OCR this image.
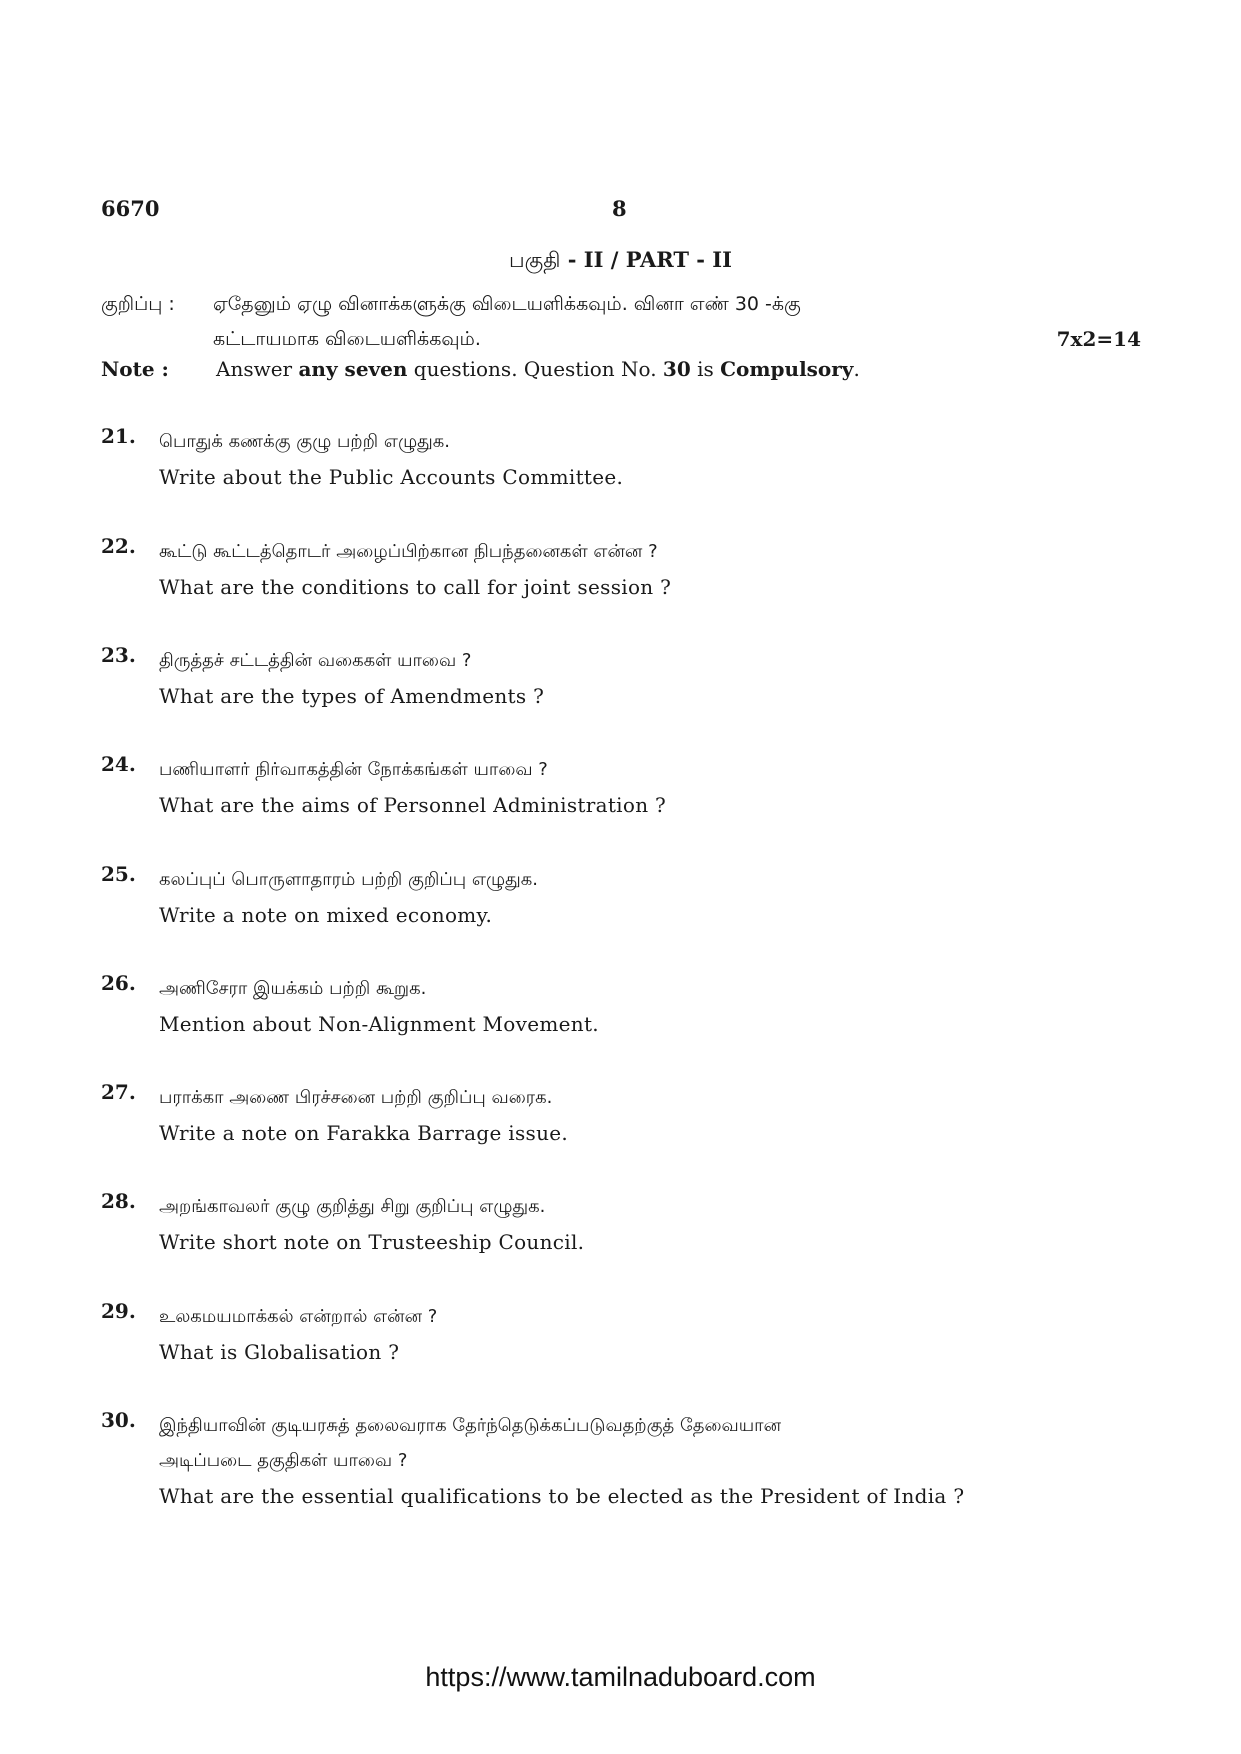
6670	8
பகுதி - II / PART - II
குறிப்பு : ஏதேனும் ஏழு வினாக்களுக்கு விடையளிக்கவும். வினா எண் 30 -க்கு
கட்டாயமாக விடையளிக்கவும்.	7x2=14
Note : Answer any seven questions. Question No. 30 is Compulsory.
21. பொதுக் கணக்கு குழு பற்றி எழுதுக.
Write about the Public Accounts Committee.
22. கூட்டு கூட்டத்தொடர் அழைப்பிற்கான நிபந்தனைகள் என்ன ?
What are the conditions to call for joint session ?
23. திருத்தச் சட்டத்தின் வகைகள் யாவை ?
What are the types of Amendments ?
24. பணியாளர் நிர்வாகத்தின் நோக்கங்கள் யாவை ?
What are the aims of Personnel Administration ?
25. கலப்புப் பொருளாதாரம் பற்றி குறிப்பு எழுதுக.
Write a note on mixed economy.
26. அணிசேரா இயக்கம் பற்றி கூறுக.
Mention about Non-Alignment Movement.
27. பராக்கா அணை பிரச்சனை பற்றி குறிப்பு வரைக.
Write a note on Farakka Barrage issue.
28. அறங்காவலர் குழு குறித்து சிறு குறிப்பு எழுதுக.
Write short note on Trusteeship Council.
29. உலகமயமாக்கல் என்றால் என்ன ?
What is Globalisation ?
30. இந்தியாவின் குடியரசுத் தலைவராக தேர்ந்தெடுக்கப்படுவதற்குத் தேவையான
அடிப்படை தகுதிகள் யாவை ?
What are the essential qualifications to be elected as the President of India ?
https://www.tamilnaduboard.com
